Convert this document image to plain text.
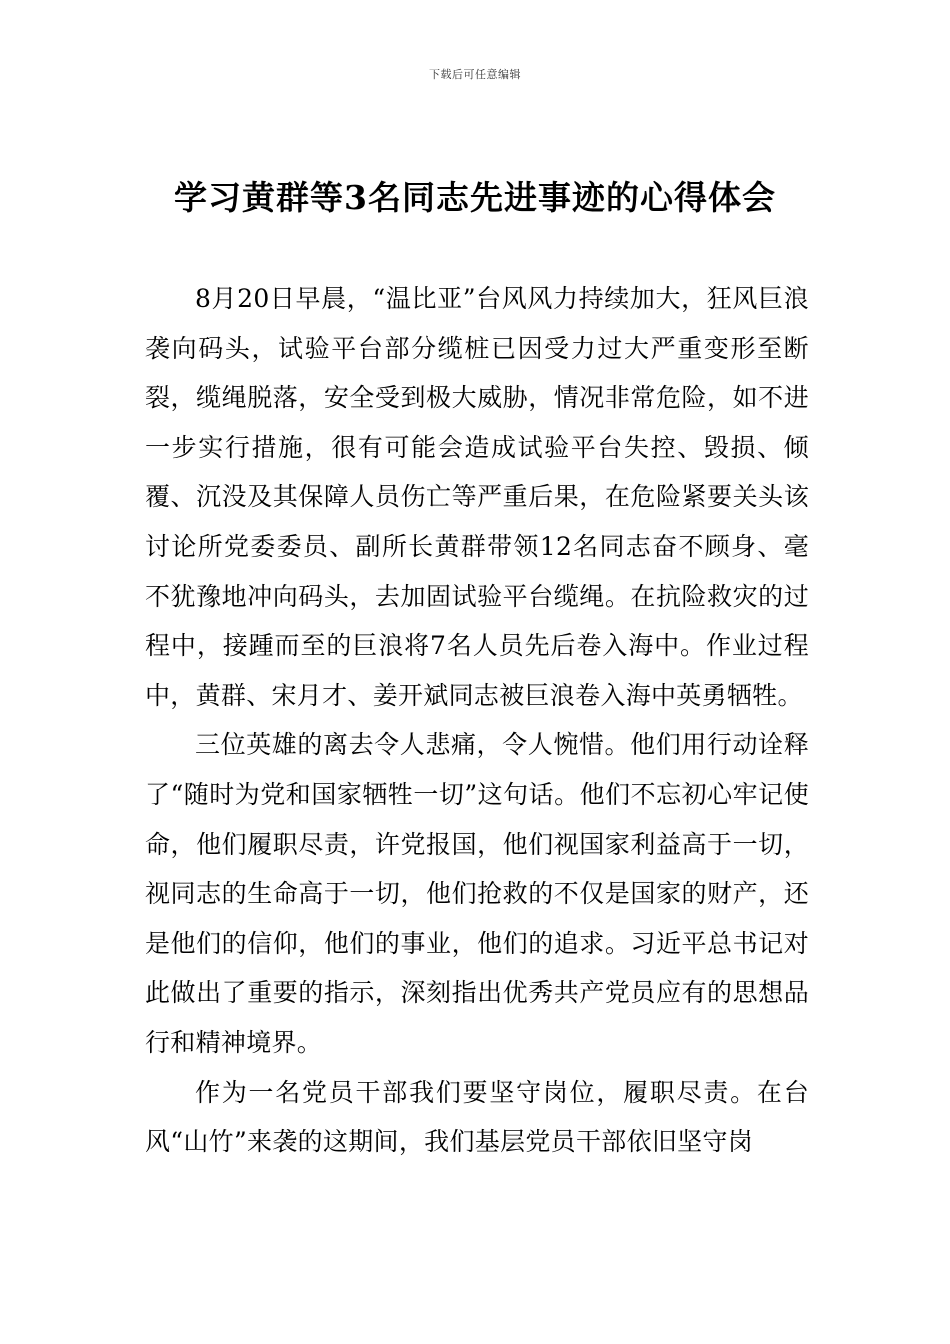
下载后可任意编辑
学习黄群等3名同志先进事迹的心得体会

8月20日早晨，“温比亚”台风风力持续加大，狂风巨浪袭向码头，试验平台部分缆桩已因受力过大严重变形至断裂，缆绳脱落，安全受到极大威胁，情况非常危险，如不进一步实行措施，很有可能会造成试验平台失控、毁损、倾覆、沉没及其保障人员伤亡等严重后果，在危险紧要关头该讨论所党委委员、副所长黄群带领12名同志奋不顾身、毫不犹豫地冲向码头，去加固试验平台缆绳。在抗险救灾的过程中，接踵而至的巨浪将7名人员先后卷入海中。作业过程中，黄群、宋月才、姜开斌同志被巨浪卷入海中英勇牺牲。

三位英雄的离去令人悲痛，令人惋惜。他们用行动诠释了“随时为党和国家牺牲一切”这句话。他们不忘初心牢记使命，他们履职尽责，许党报国，他们视国家利益高于一切，视同志的生命高于一切，他们抢救的不仅是国家的财产，还是他们的信仰，他们的事业，他们的追求。习近平总书记对此做出了重要的指示，深刻指出优秀共产党员应有的思想品行和精神境界。

作为一名党员干部我们要坚守岗位，履职尽责。在台风“山竹”来袭的这期间，我们基层党员干部依旧坚守岗
